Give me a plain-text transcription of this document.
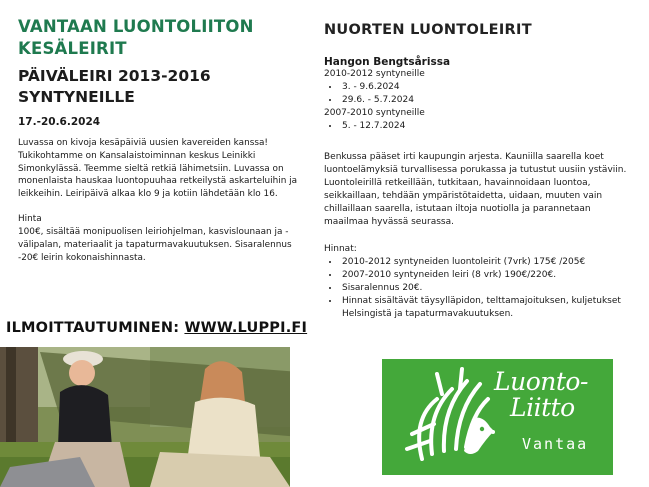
VANTAAN LUONTOLIITON
KESÄLEIRIT
PÄIVÄLEIRI 2013-2016
SYNTYNEILLE
17.-20.6.2024

Luvassa on kivoja kesäpäiviä uusien kavereiden kanssa! Tukikohtamme on Kansalaistoiminnan keskus Leinikki Simonkylässä. Teemme sieltä retkiä lähimetsiin. Luvassa on monenlaista hauskaa luontopuuhaa retkeilystä askarteluihin ja leikkeihin. Leiripäivä alkaa klo 9 ja kotiin lähdetään klo 16.

Hinta
100€, sisältää monipuolisen leiriohjelman, kasvislounaan ja -välipalan, materiaalit ja tapaturmavakuutuksen. Sisaralennus -20€ leirin kokonaishinnasta.

ILMOITTAUTUMINEN: WWW.LUPPI.FI
NUORTEN LUONTOLEIRIT
Hangon Bengtsårissa
2010-2012 syntyneille
• 3. - 9.6.2024
• 29.6. - 5.7.2024
2007-2010 syntyneille
• 5. - 12.7.2024

Benkussa pääset irti kaupungin arjesta. Kauniilla saarella koet luontoelämyksiä turvallisessa porukassa ja tutustut uusiin ystäviin. Luontoleirillä retkeillään, tutkitaan, havainnoidaan luontoa, seikkaillaan, tehdään ympäristötaidetta, uidaan, muuten vain chillaillaan saarella, istutaan iltoja nuotiolla ja parannetaan maailmaa hyvässä seurassa.

Hinnat:

• 2010-2012 syntyneiden luontoleirit (7vrk) 175€ /205€
• 2007-2010 syntyneiden leiri (8 vrk) 190€/220€.
• Sisaralennus 20€.
• Hinnat sisältävät täysylläpidon, telttamajoituksen, kuljetukset Helsingistä ja tapaturmavakuutuksen.
Luonto-
Liitto
Vantaa
